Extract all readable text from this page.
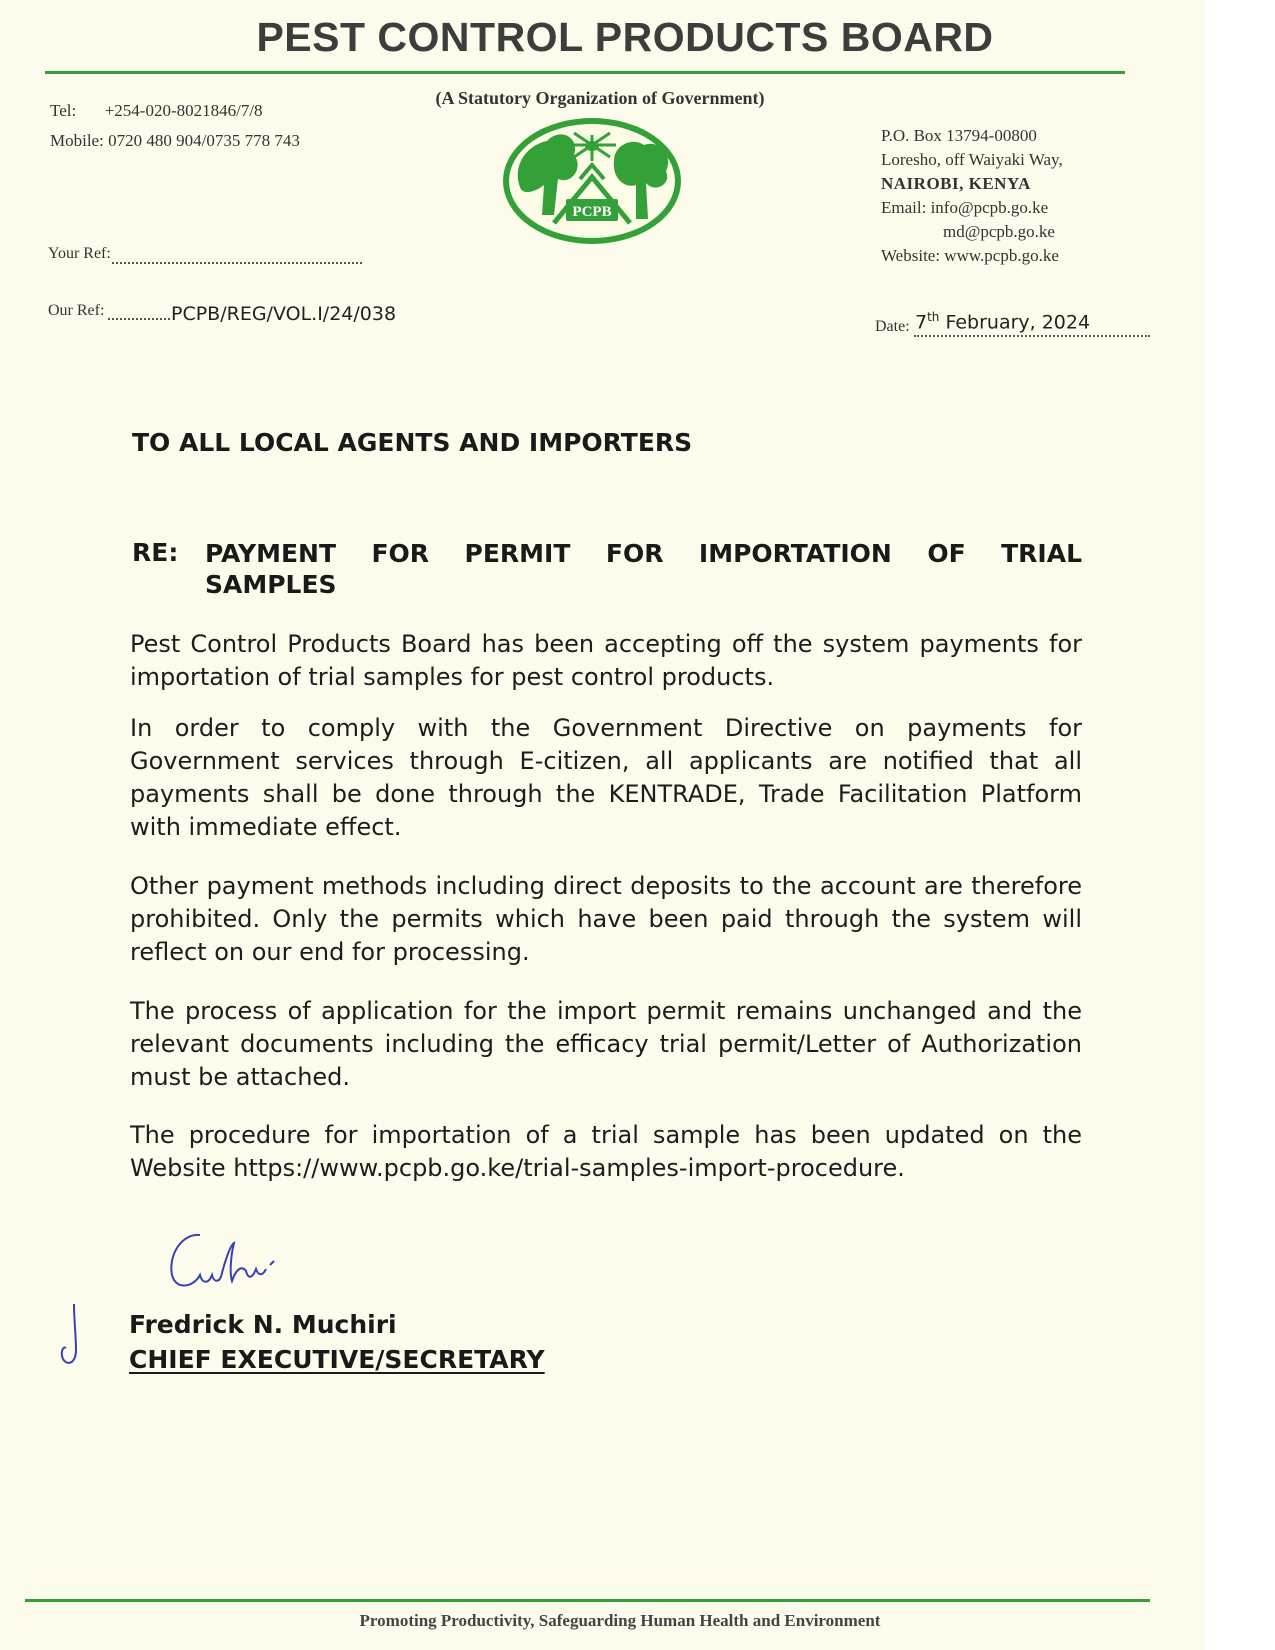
PEST CONTROL PRODUCTS BOARD
(A Statutory Organization of Government)
Tel: +254-020-8021846/7/8
Mobile: 0720 480 904/0735 778 743
PCPB
P.O. Box 13794-00800
Loresho, off Waiyaki Way,
NAIROBI, KENYA
Email: info@pcpb.go.ke
md@pcpb.go.ke
Website: www.pcpb.go.ke
Your Ref:
Our Ref:	PCPB/REG/VOL.I/24/038
Date: 7th February, 2024
TO ALL LOCAL AGENTS AND IMPORTERS
RE: PAYMENT FOR PERMIT FOR IMPORTATION OF TRIAL SAMPLES
Pest Control Products Board has been accepting off the system payments for importation of trial samples for pest control products.
In order to comply with the Government Directive on payments for Government services through E-citizen, all applicants are notified that all payments shall be done through the KENTRADE, Trade Facilitation Platform with immediate effect.
Other payment methods including direct deposits to the account are therefore prohibited. Only the permits which have been paid through the system will reflect on our end for processing.
The process of application for the import permit remains unchanged and the relevant documents including the efficacy trial permit/Letter of Authorization must be attached.
The procedure for importation of a trial sample has been updated on the Website https://www.pcpb.go.ke/trial-samples-import-procedure.
Fredrick N. Muchiri
CHIEF EXECUTIVE/SECRETARY
Promoting Productivity, Safeguarding Human Health and Environment
